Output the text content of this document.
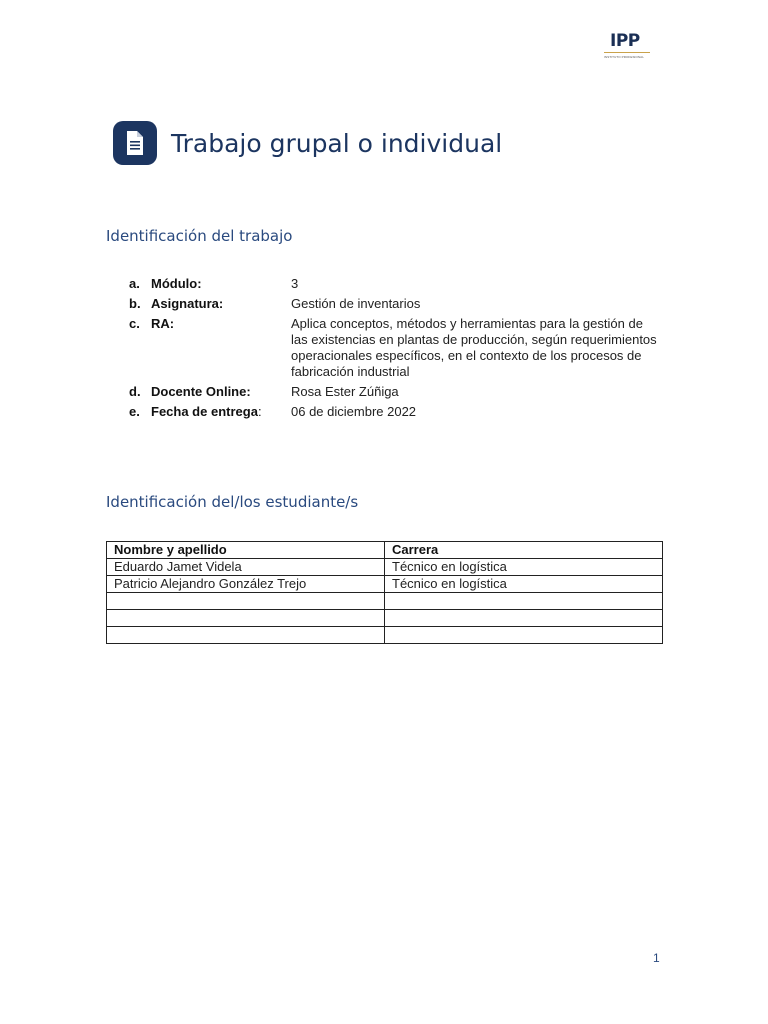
IPP
INSTITUTO PROFESIONAL
Trabajo grupal o individual
Identificación del trabajo
a. Módulo:	3
b. Asignatura:	Gestión de inventarios
c. RA:	Aplica conceptos, métodos y herramientas para la gestión de las existencias en plantas de producción, según requerimientos operacionales específicos, en el contexto de los procesos de fabricación industrial
d. Docente Online:	Rosa Ester Zúñiga
e. Fecha de entrega:	06 de diciembre 2022
Identificación del/los estudiante/s
Nombre y apellido	Carrera
Eduardo Jamet Videla	Técnico en logística
Patricio Alejandro González Trejo	Técnico en logística

1
